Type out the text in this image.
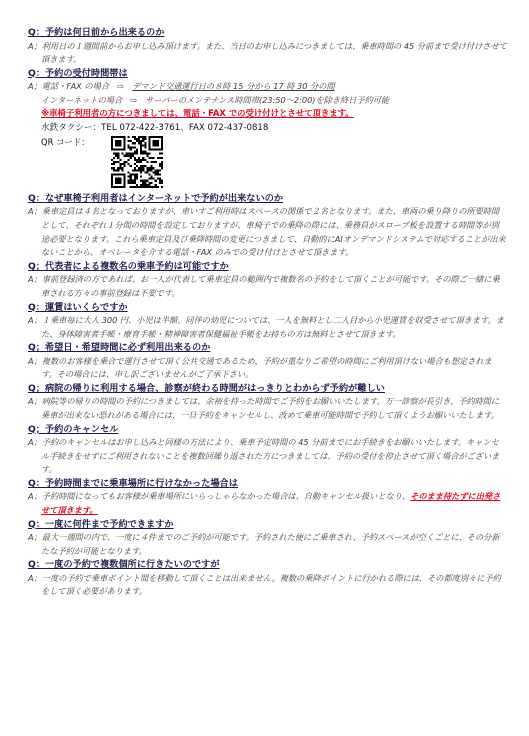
Q：予約は何日前から出来るのか
A；利用日の１週間前からお申し込み頂けます。また、当日のお申し込みにつきましては、乗車時間の 45 分前まで受け付けさせて頂きます。
Q：予約の受付時間帯は
A；電話・FAX の場合　⇨　デマンド交通運行日の８時 15 分から 17 時 30 分の間
インターネットの場合　⇨　サーバーのメンテナンス時間帯(23:50～2:00)を除き終日予約可能
※車椅子利用者の方につきましては、電話・FAX での受け付けとさせて頂きます。
水鉄タクシー：TEL 072-422-3761、FAX 072-437-0818
QR コード：
Q：なぜ車椅子利用者はインターネットで予約が出来ないのか
A；乗車定員は４名となっておりますが、車いすご利用時はスペースの関係で２名となります。また、車両の乗り降りの所要時間として、それぞれ１分間の時間を設定しておりますが、車椅子での乗降の際には、乗務員がスロープ板を設置する時間等が別途必要となります。これら乗車定員及び乗降時間の変更につきまして、自動的にAIオンデマンドシステムで対応することが出来ないことから、オペレータを介する電話・FAX のみでの受け付けとさせて頂きます。
Q；代表者による複数名の乗車予約は可能ですか
A；事前登録済の方であれば、お一人が代表して乗車定員の範囲内で複数名の予約をして頂くことが可能です。その際ご一緒に乗車される方々の事前登録は不要です。
Q：運賃はいくらですか
A；１乗車毎に大人 300 円、小児は半額、同伴の幼児については、一人を無料とし二人目から小児運賃を収受させて頂きます。また、身体障害者手帳・療育手帳・精神障害者保健福祉手帳をお持ちの方は無料とさせて頂きます。
Q；希望日・希望時間に必ず利用出来るのか
A；複数のお客様を乗合で運行させて頂く公共交通であるため、予約が重なりご希望の時間にご利用頂けない場合も想定されます。その場合には、申し訳ございませんがご了承下さい。
Q；病院の帰りに利用する場合、診察が終わる時間がはっきりとわからず予約が難しい
A；病院等の帰りの時間の予約につきましては、余裕を持った時間でご予約をお願いいたします。万一診察が長引き、予約時間に乗車が出来ない恐れがある場合には、一旦予約をキャンセルし、改めて乗車可能時間で予約して頂くようお願いいたします。
Q；予約のキャンセル
A；予約のキャンセルはお申し込みと同様の方法により、乗車予定時間の 45 分前までにお手続きをお願いいたします。キャンセル手続きをせずにご利用されないことを複数回繰り返された方につきましては、予約の受付を停止させて頂く場合がございます。
Q：予約時間までに乗車場所に行けなかった場合は
A；予約時間になってもお客様が乗車場所にいらっしゃらなかった場合は、自動キャンセル扱いとなり、そのまま待たずに出発させて頂きます。
Q：一度に何件まで予約できますか
A；最大一週間の内で、一度に４件までのご予約が可能です。予約された便にご乗車され、予約スペースが空くごとに、その分新たな予約が可能となります。
Q：一度の予約で複数個所に行きたいのですが
A；一度の予約で乗車ポイント間を移動して頂くことは出来ません。複数の乗降ポイントに行かれる際には、その都度別々に予約をして頂く必要があります。
